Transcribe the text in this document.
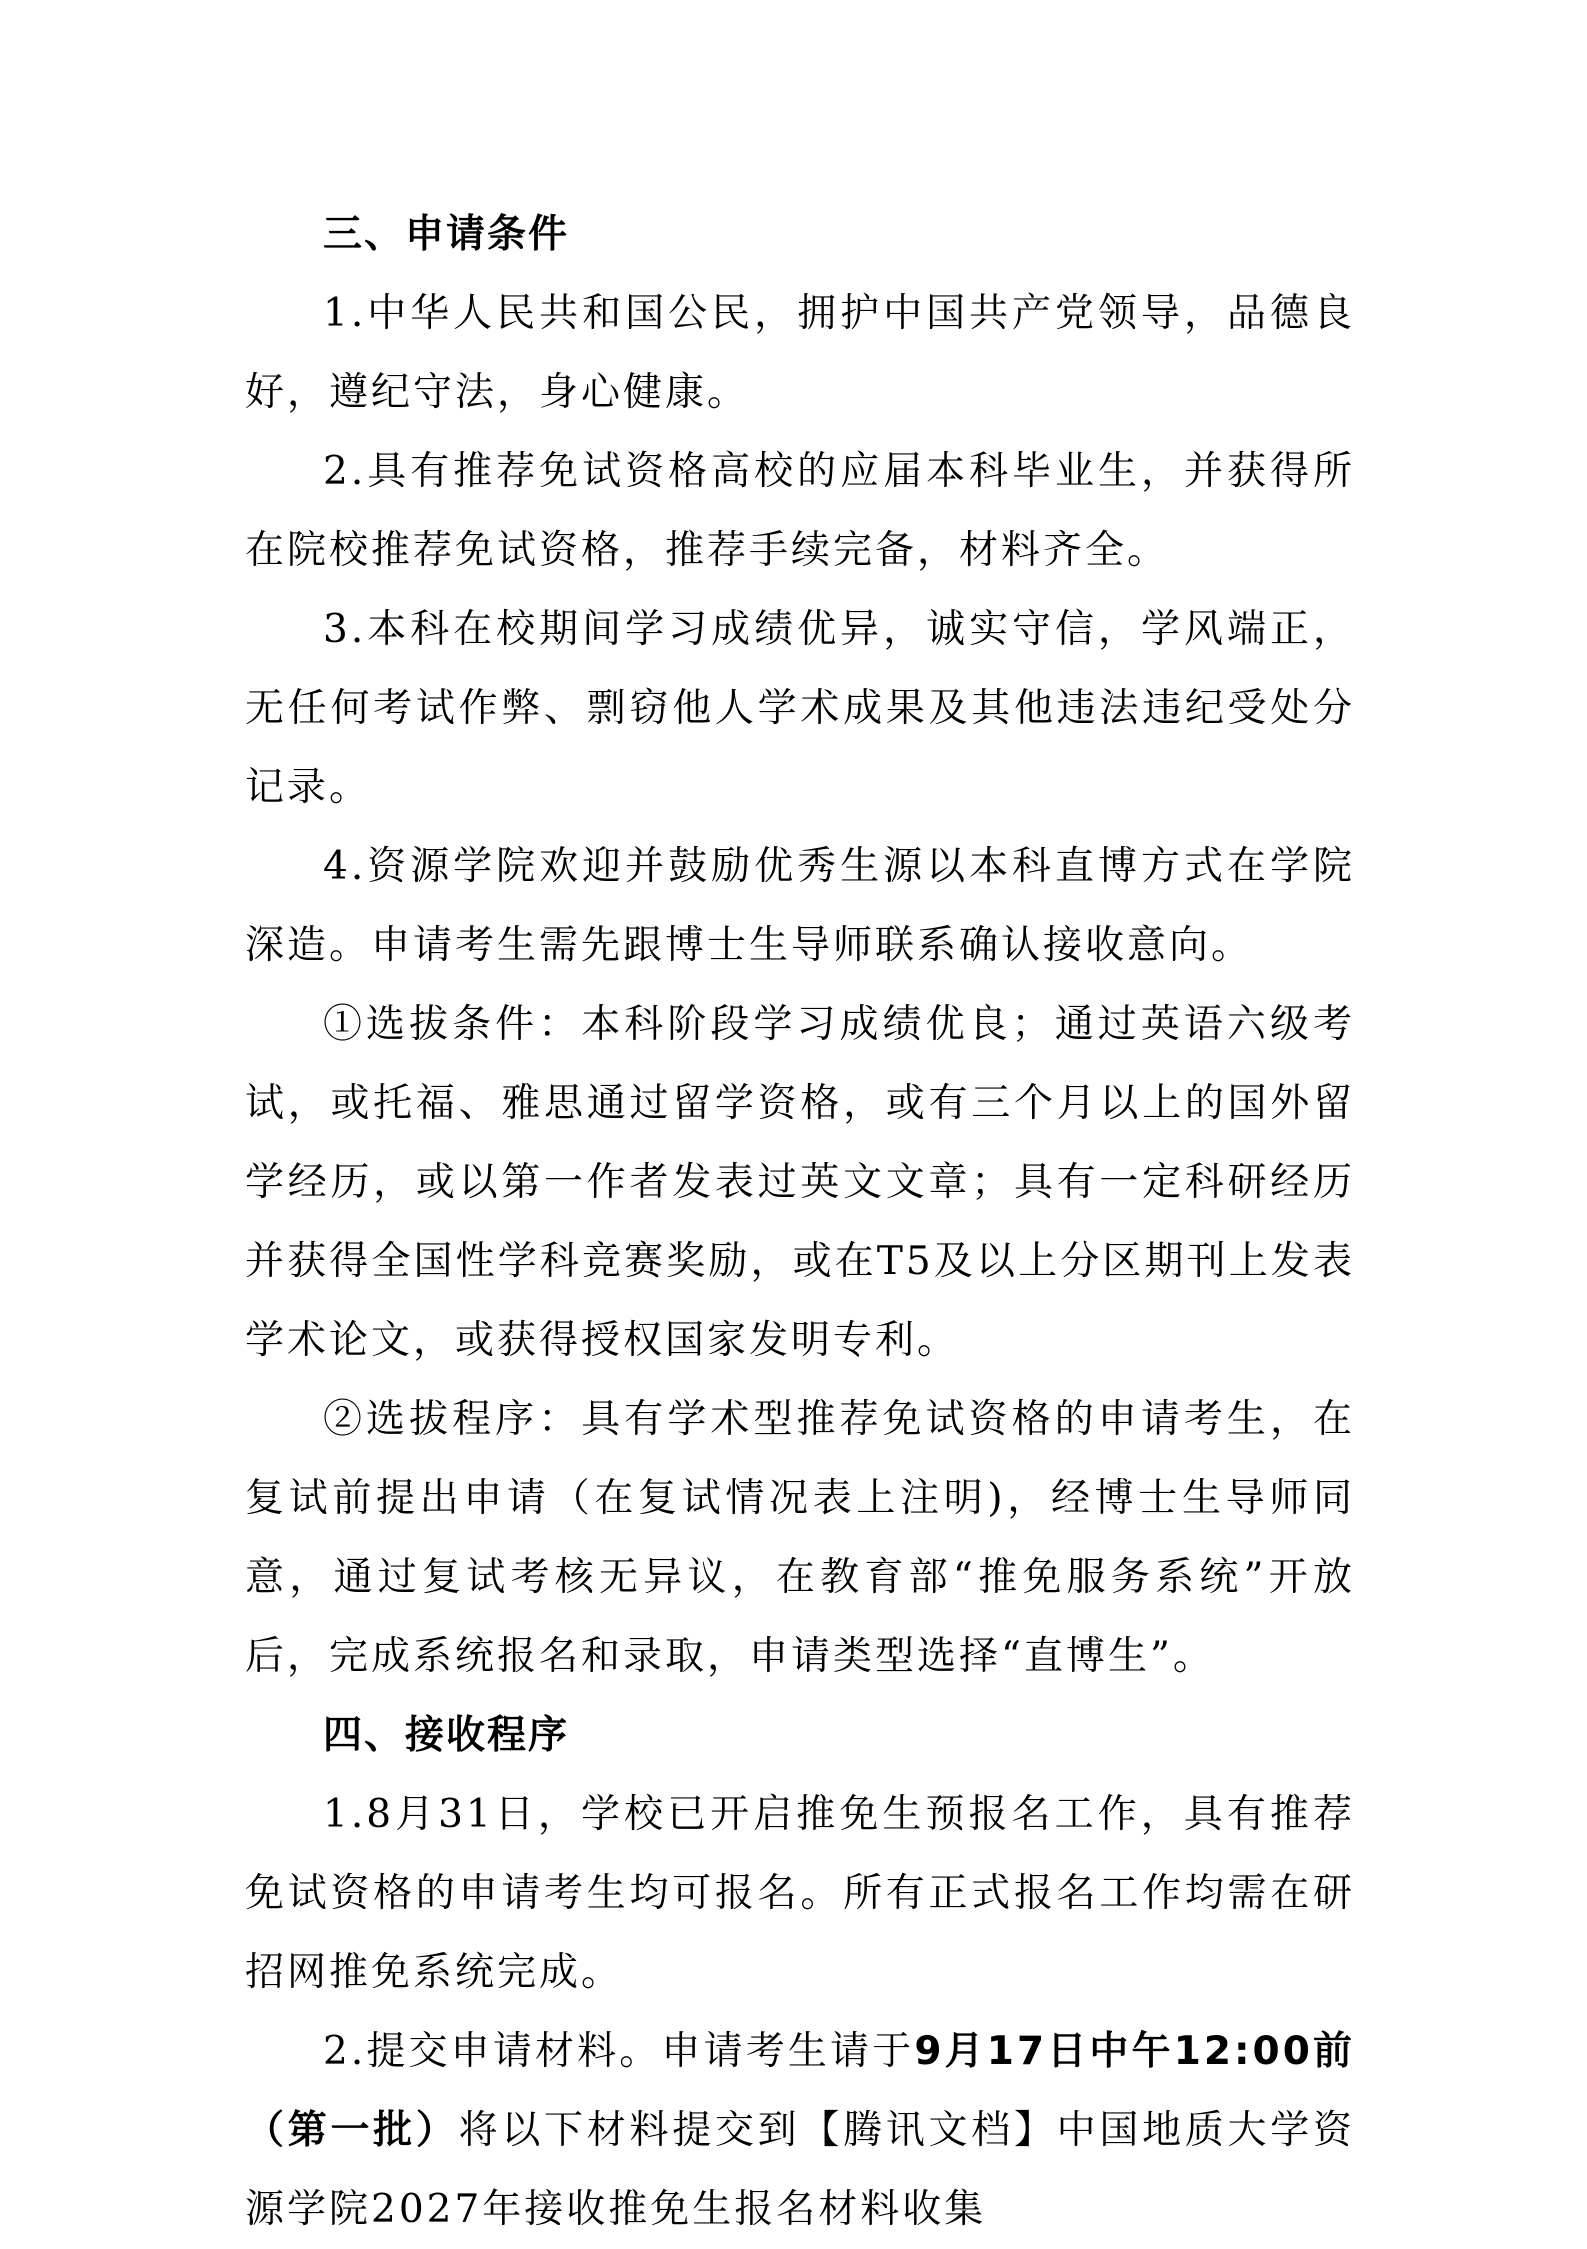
三、申请条件

1.中华人民共和国公民，拥护中国共产党领导，品德良好，遵纪守法，身心健康。

2.具有推荐免试资格高校的应届本科毕业生，并获得所在院校推荐免试资格，推荐手续完备，材料齐全。

3.本科在校期间学习成绩优异，诚实守信，学风端正，无任何考试作弊、剽窃他人学术成果及其他违法违纪受处分记录。

4.资源学院欢迎并鼓励优秀生源以本科直博方式在学院深造。申请考生需先跟博士生导师联系确认接收意向。

①选拔条件：本科阶段学习成绩优良；通过英语六级考试，或托福、雅思通过留学资格，或有三个月以上的国外留学经历，或以第一作者发表过英文文章；具有一定科研经历并获得全国性学科竞赛奖励，或在T5及以上分区期刊上发表学术论文，或获得授权国家发明专利。

②选拔程序：具有学术型推荐免试资格的申请考生，在复试前提出申请（在复试情况表上注明)，经博士生导师同意，通过复试考核无异议，在教育部“推免服务系统”开放后，完成系统报名和录取，申请类型选择“直博生”。

四、接收程序

1.8月31日，学校已开启推免生预报名工作，具有推荐免试资格的申请考生均可报名。所有正式报名工作均需在研招网推免系统完成。

2.提交申请材料。申请考生请于9月17日中午12:00前（第一批）将以下材料提交到【腾讯文档】中国地质大学资源学院2027年接收推免生报名材料收集
